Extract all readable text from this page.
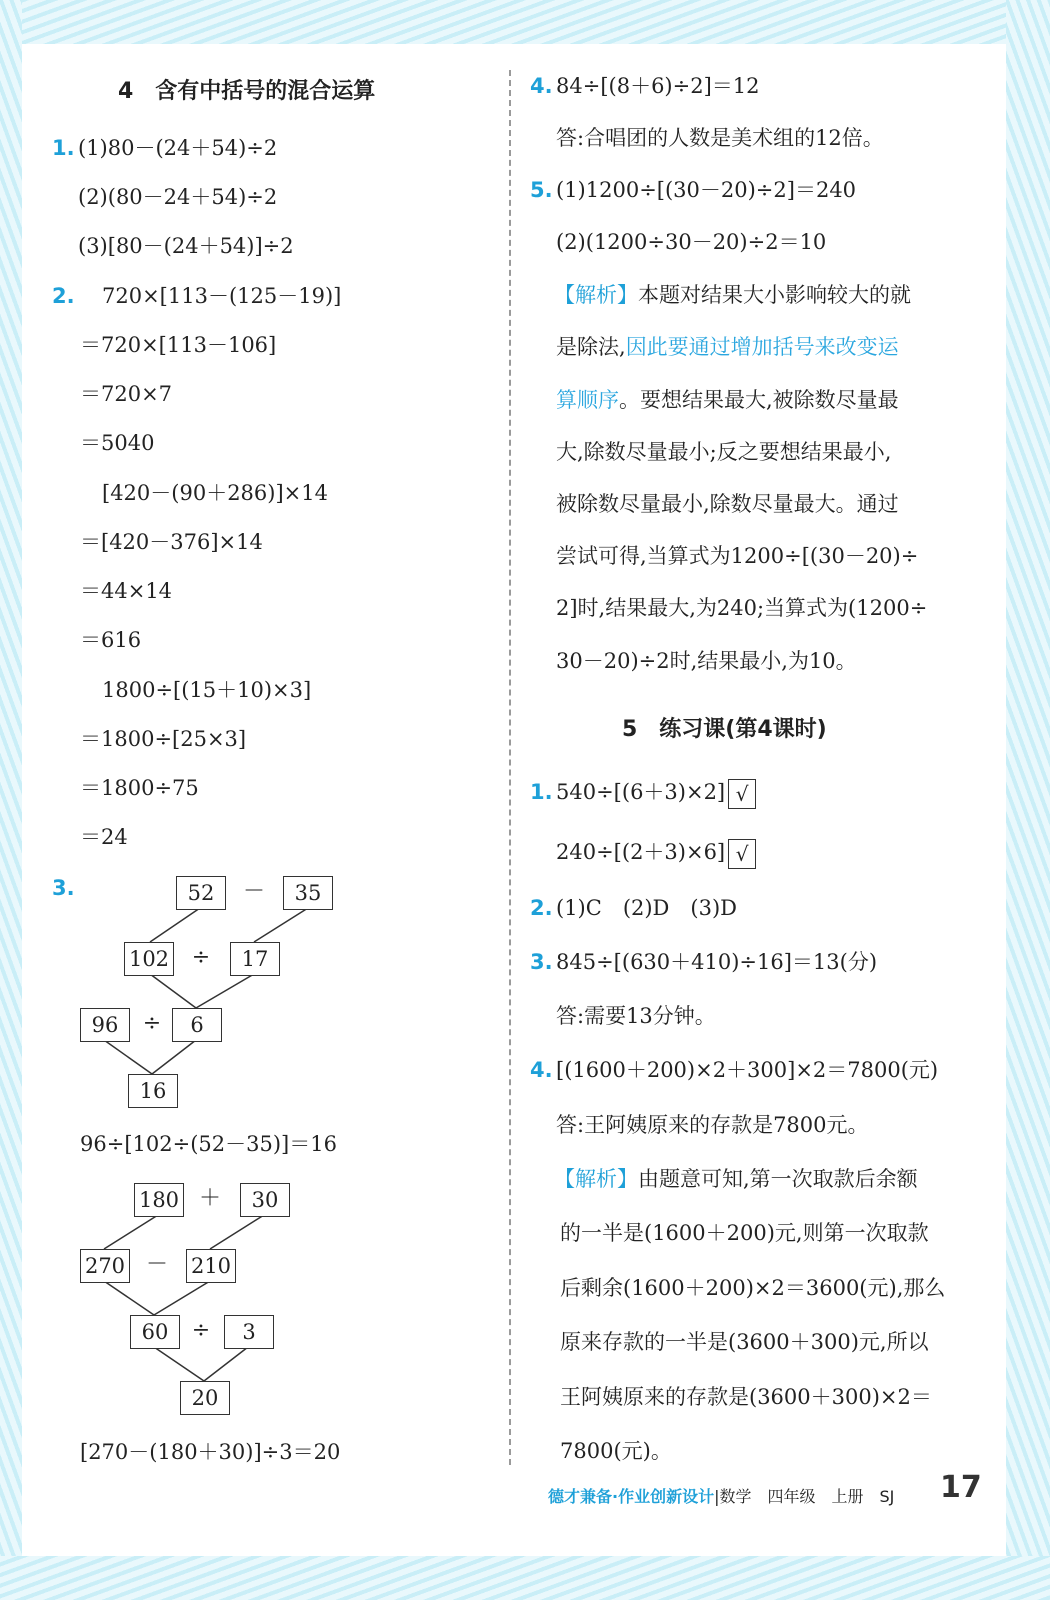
4　含有中括号的混合运算
1. (1)80－(24＋54)÷2
(2)(80－24＋54)÷2
(3)[80－(24＋54)]÷2
2. 720×[113－(125－19)]
＝720×[113－106]
＝720×7
＝5040
[420－(90＋286)]×14
＝[420－376]×14
＝44×14
＝616
1800÷[(15＋10)×3]
＝1800÷[25×3]
＝1800÷75
＝24
3.	52	－	35
102 ÷	17
96	÷	6
16
96÷[102÷(52－35)]＝16
180 ＋	30
270 － 210
60	÷	3
20
[270－(180＋30)]÷3＝20
4. 84÷[(8＋6)÷2]＝12
答:合唱团的人数是美术组的12倍。
5. (1)1200÷[(30－20)÷2]＝240
(2)(1200÷30－20)÷2＝10
【解析】本题对结果大小影响较大的就
是除法,因此要通过增加括号来改变运
算顺序。要想结果最大,被除数尽量最
大,除数尽量最小;反之要想结果最小,
被除数尽量最小,除数尽量最大。通过
尝试可得,当算式为1200÷[(30－20)÷
2]时,结果最大,为240;当算式为(1200÷
30－20)÷2时,结果最小,为10。
5　练习课(第4课时)
1. 540÷[(6＋3)×2] √
240÷[(2＋3)×6] √
2. (1)C　(2)D　(3)D
3. 845÷[(630＋410)÷16]＝13(分)
答:需要13分钟。
4. [(1600＋200)×2＋300]×2＝7800(元)
答:王阿姨原来的存款是7800元。
【解析】由题意可知,第一次取款后余额
的一半是(1600＋200)元,则第一次取款
后剩余(1600＋200)×2＝3600(元),那么
原来存款的一半是(3600＋300)元,所以
王阿姨原来的存款是(3600＋300)×2＝
7800(元)。
德才兼备·作业创新设计|数学　四年级　上册　SJ 17
